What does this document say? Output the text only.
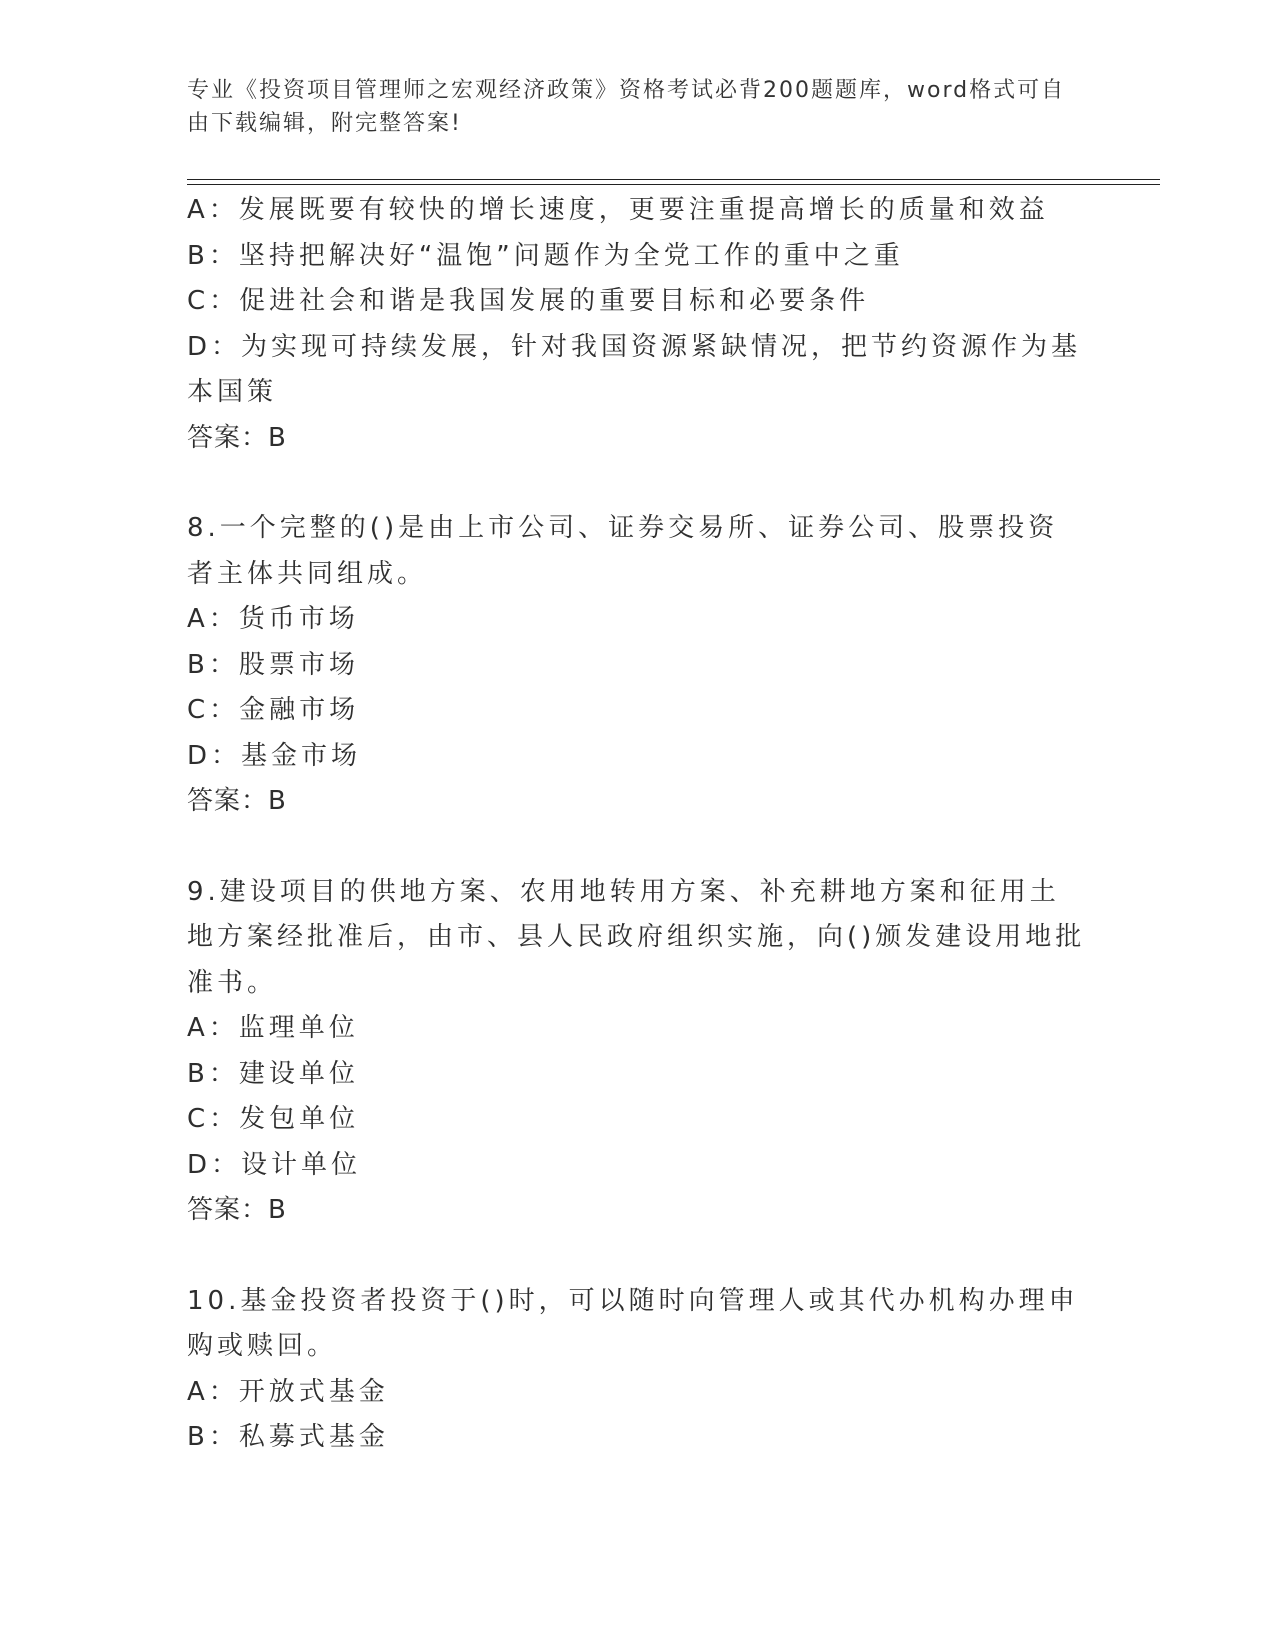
专业《投资项目管理师之宏观经济政策》资格考试必背200题题库，word格式可自由下载编辑，附完整答案!
A：发展既要有较快的增长速度，更要注重提高增长的质量和效益
B：坚持把解决好“温饱”问题作为全党工作的重中之重
C：促进社会和谐是我国发展的重要目标和必要条件
D：为实现可持续发展，针对我国资源紧缺情况，把节约资源作为基本国策
答案：B
8.一个完整的()是由上市公司、证券交易所、证券公司、股票投资者主体共同组成。
A：货币市场
B：股票市场
C：金融市场
D：基金市场
答案：B
9.建设项目的供地方案、农用地转用方案、补充耕地方案和征用土地方案经批准后，由市、县人民政府组织实施，向()颁发建设用地批准书。
A：监理单位
B：建设单位
C：发包单位
D：设计单位
答案：B
10.基金投资者投资于()时，可以随时向管理人或其代办机构办理申购或赎回。
A：开放式基金
B：私募式基金
